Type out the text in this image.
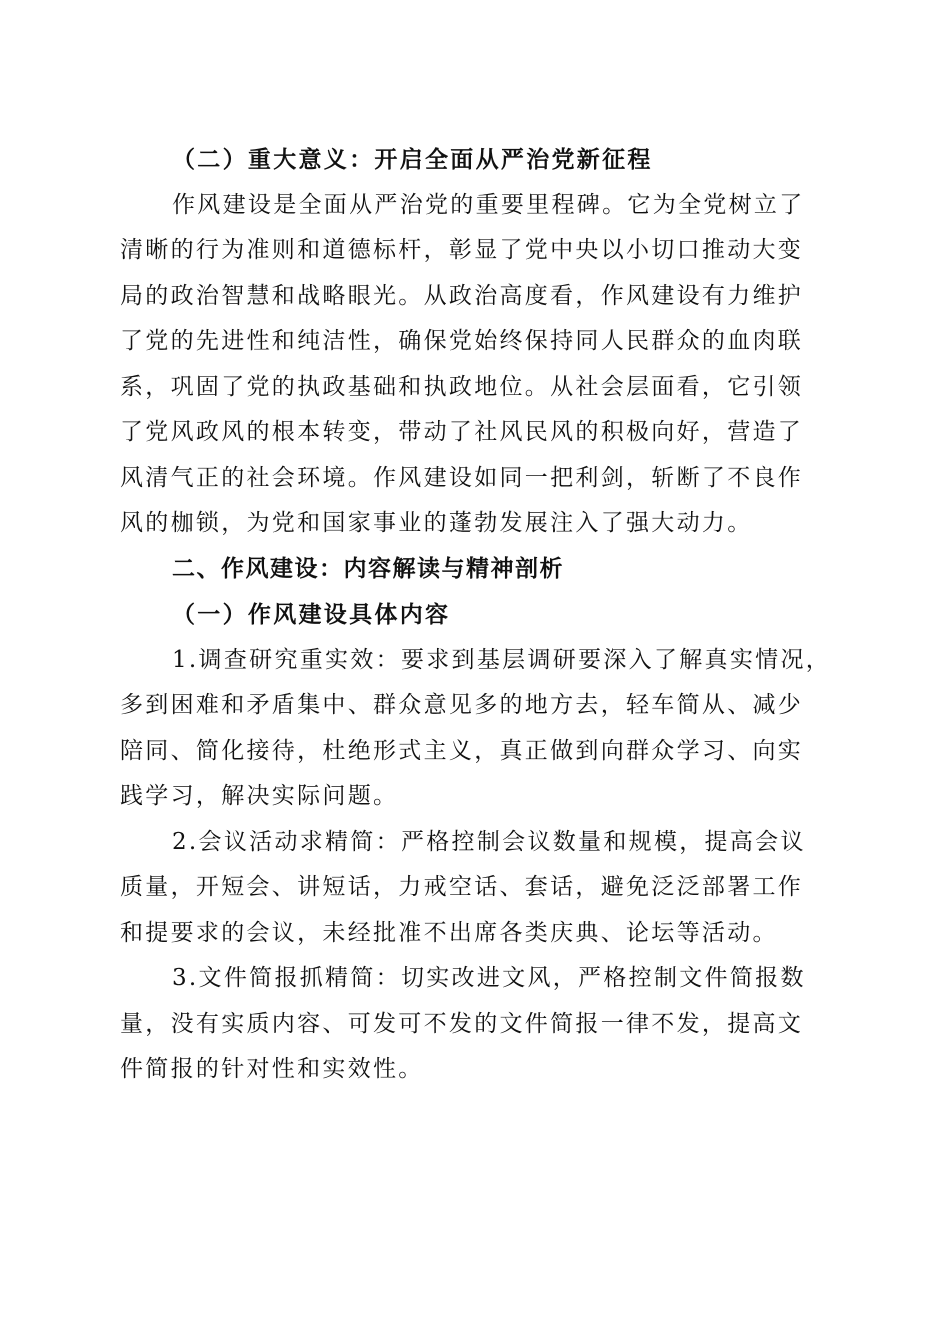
（二）重大意义：开启全面从严治党新征程
作风建设是全面从严治党的重要里程碑。它为全党树立了
清晰的行为准则和道德标杆，彰显了党中央以小切口推动大变
局的政治智慧和战略眼光。从政治高度看，作风建设有力维护
了党的先进性和纯洁性，确保党始终保持同人民群众的血肉联
系，巩固了党的执政基础和执政地位。从社会层面看，它引领
了党风政风的根本转变，带动了社风民风的积极向好，营造了
风清气正的社会环境。作风建设如同一把利剑，斩断了不良作
风的枷锁，为党和国家事业的蓬勃发展注入了强大动力。
二、作风建设：内容解读与精神剖析
（一）作风建设具体内容
1.调查研究重实效：要求到基层调研要深入了解真实情况，
多到困难和矛盾集中、群众意见多的地方去，轻车简从、减少
陪同、简化接待，杜绝形式主义，真正做到向群众学习、向实
践学习，解决实际问题。
2.会议活动求精简：严格控制会议数量和规模，提高会议
质量，开短会、讲短话，力戒空话、套话，避免泛泛部署工作
和提要求的会议，未经批准不出席各类庆典、论坛等活动。
3.文件简报抓精简：切实改进文风，严格控制文件简报数
量，没有实质内容、可发可不发的文件简报一律不发，提高文
件简报的针对性和实效性。
